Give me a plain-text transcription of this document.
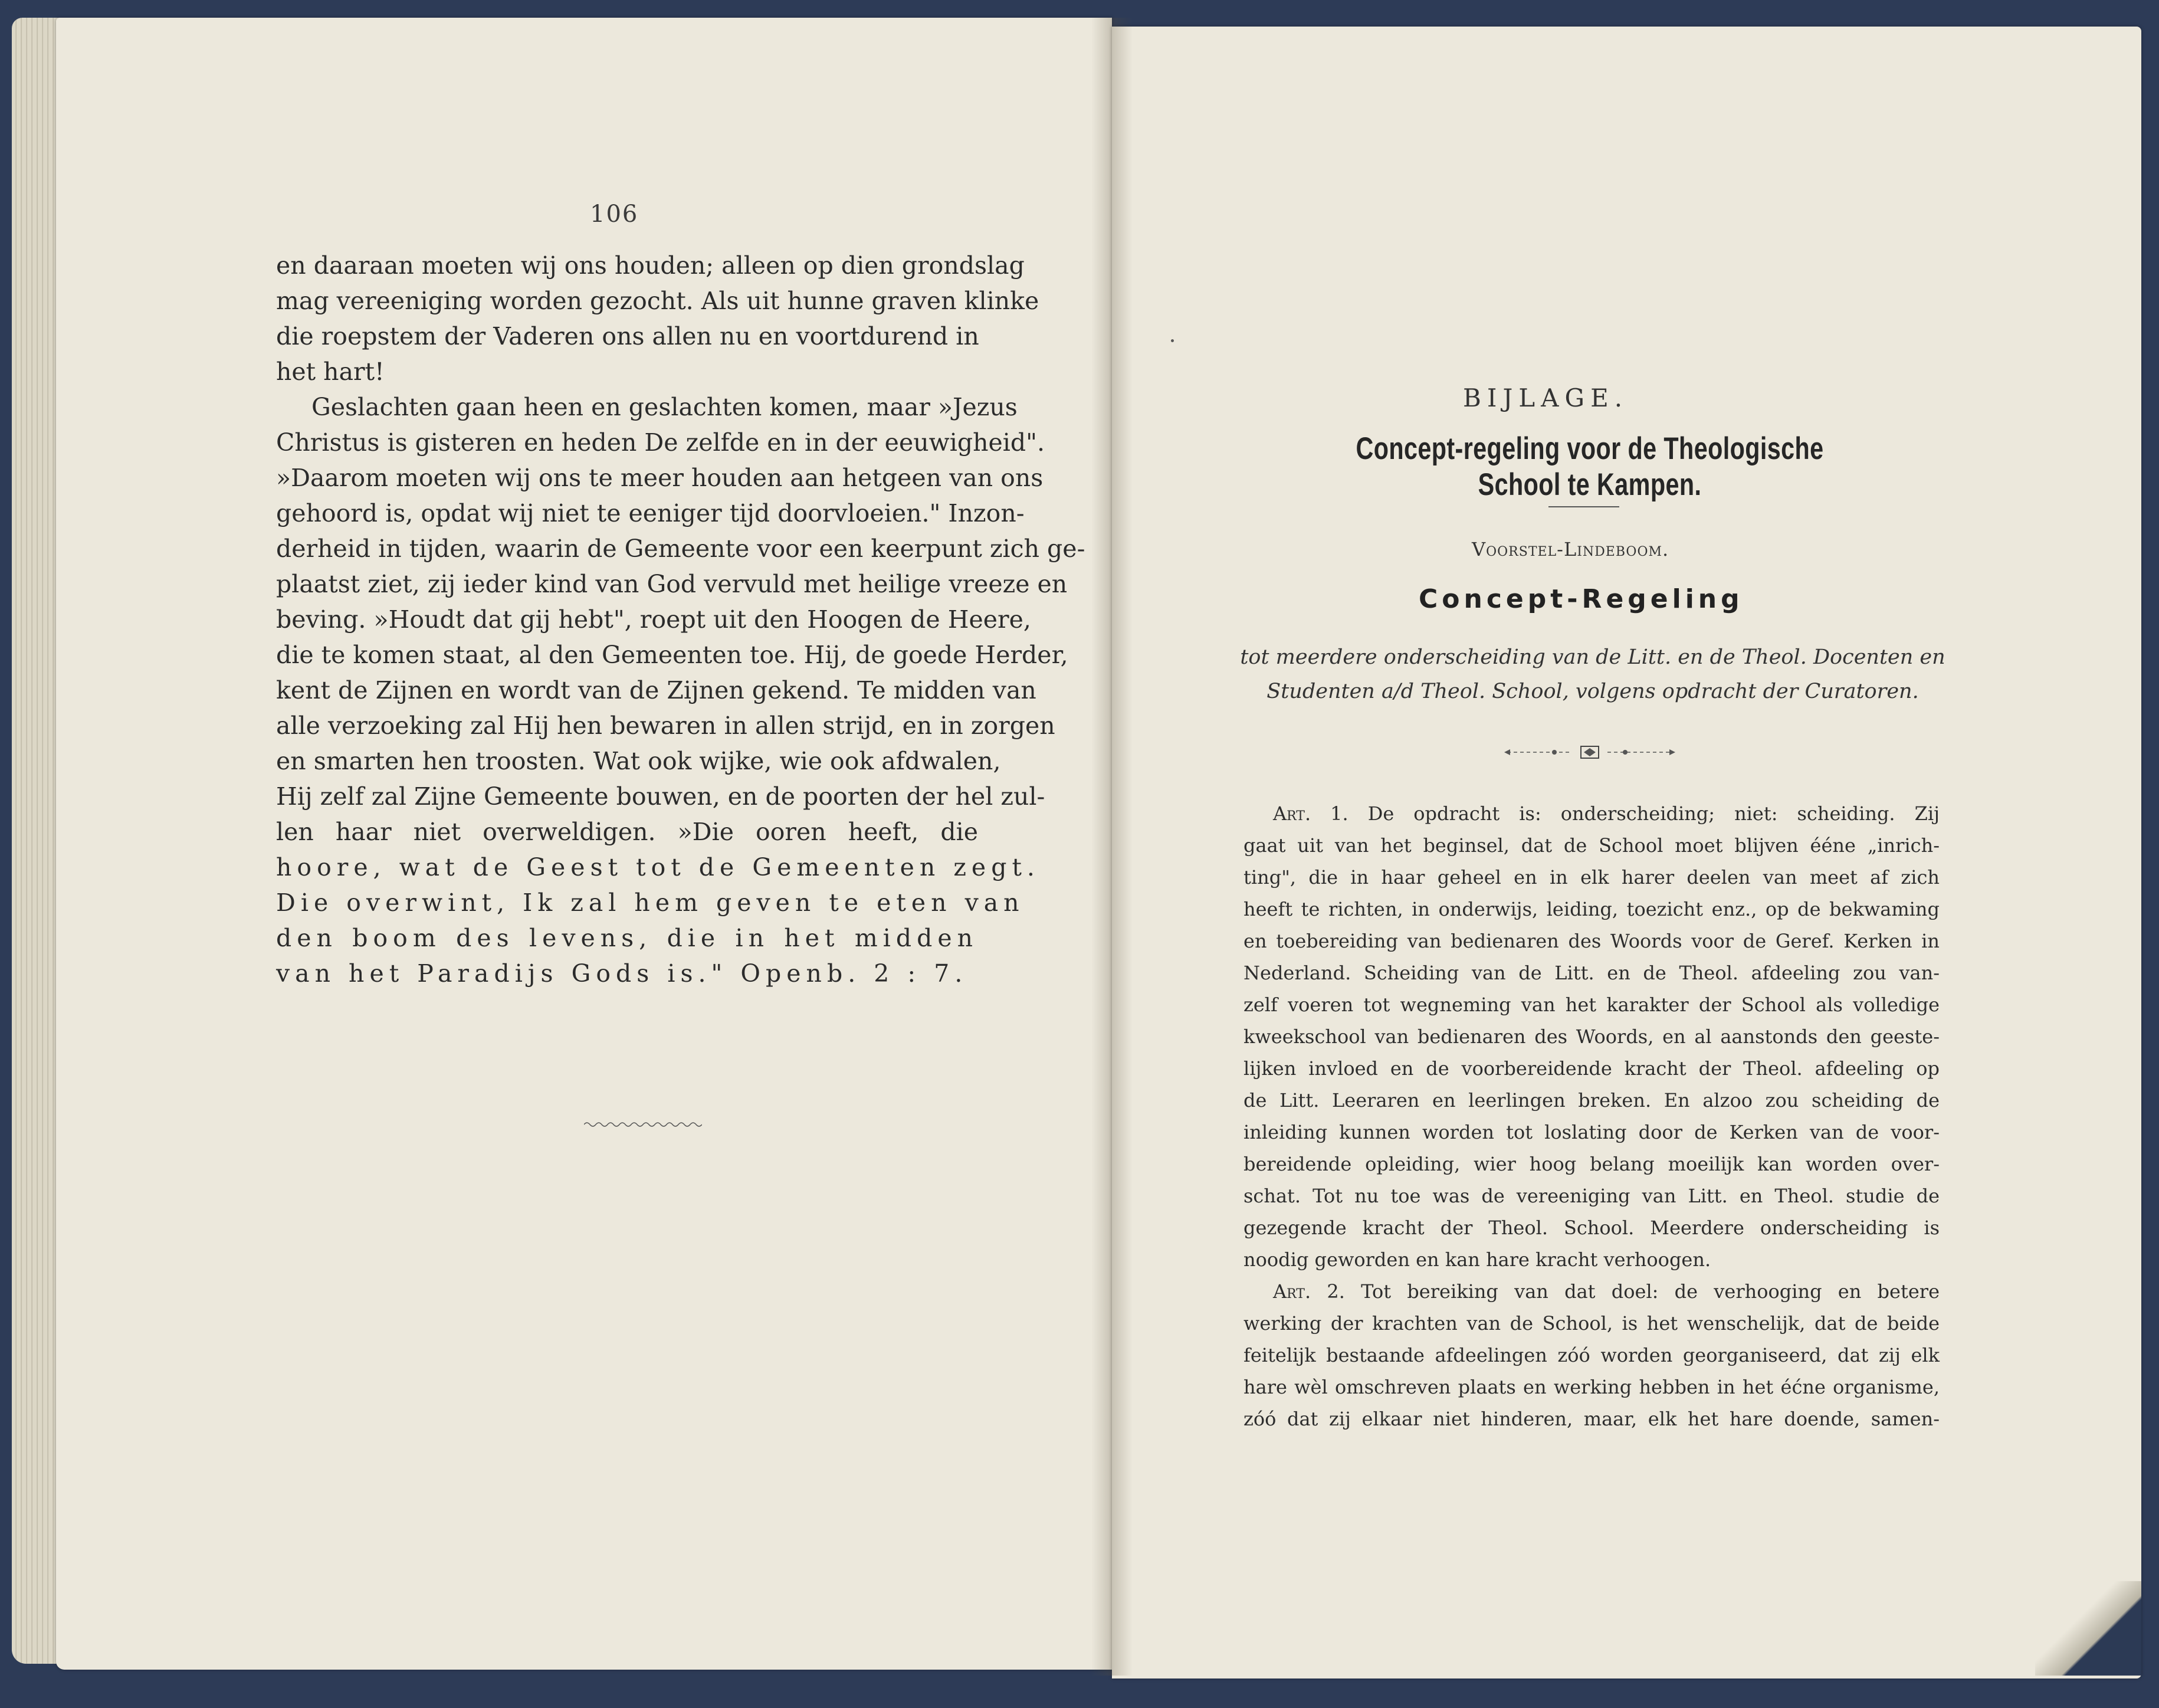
106
en daaraan moeten wij ons houden; alleen op dien grondslag
mag vereeniging worden gezocht. Als uit hunne graven klinke
die roepstem der Vaderen ons allen nu en voortdurend in
het hart!
Geslachten gaan heen en geslachten komen, maar »Jezus
Christus is gisteren en heden De zelfde en in der eeuwigheid".
»Daarom moeten wij ons te meer houden aan hetgeen van ons
gehoord is, opdat wij niet te eeniger tijd doorvloeien." Inzon-
derheid in tijden, waarin de Gemeente voor een keerpunt zich ge-
plaatst ziet, zij ieder kind van God vervuld met heilige vreeze en
beving. »Houdt dat gij hebt", roept uit den Hoogen de Heere,
die te komen staat, al den Gemeenten toe. Hij, de goede Herder,
kent de Zijnen en wordt van de Zijnen gekend. Te midden van
alle verzoeking zal Hij hen bewaren in allen strijd, en in zorgen
en smarten hen troosten. Wat ook wijke, wie ook afdwalen,
Hij zelf zal Zijne Gemeente bouwen, en de poorten der hel zul-
len haar niet overweldigen. »Die ooren heeft, die
hoore, wat de Geest tot de Gemeenten zegt.
Die overwint, Ik zal hem geven te eten van
den boom des levens, die in het midden
van het Paradijs Gods is." Openb. 2 : 7.
BIJLAGE.
Concept-regeling voor de Theologische School te Kampen.
Voorstel-Lindeboom.
Concept-Regeling
tot meerdere onderscheiding van de Litt. en de Theol. Docenten en
Studenten a/d Theol. School, volgens opdracht der Curatoren.
Art. 1. De opdracht is: onderscheiding; niet: scheiding. Zij
gaat uit van het beginsel, dat de School moet blijven ééne „inrich-
ting", die in haar geheel en in elk harer deelen van meet af zich
heeft te richten, in onderwijs, leiding, toezicht enz., op de bekwaming
en toebereiding van bedienaren des Woords voor de Geref. Kerken in
Nederland. Scheiding van de Litt. en de Theol. afdeeling zou van-
zelf voeren tot wegneming van het karakter der School als volledige
kweekschool van bedienaren des Woords, en al aanstonds den geeste-
lijken invloed en de voorbereidende kracht der Theol. afdeeling op
de Litt. Leeraren en leerlingen breken. En alzoo zou scheiding de
inleiding kunnen worden tot loslating door de Kerken van de voor-
bereidende opleiding, wier hoog belang moeilijk kan worden over-
schat. Tot nu toe was de vereeniging van Litt. en Theol. studie de
gezegende kracht der Theol. School. Meerdere onderscheiding is
noodig geworden en kan hare kracht verhoogen.
Art. 2. Tot bereiking van dat doel: de verhooging en betere
werking der krachten van de School, is het wenschelijk, dat de beide
feitelijk bestaande afdeelingen zóó worden georganiseerd, dat zij elk
hare wèl omschreven plaats en werking hebben in het éćne organisme,
zóó dat zij elkaar niet hinderen, maar, elk het hare doende, samen-
